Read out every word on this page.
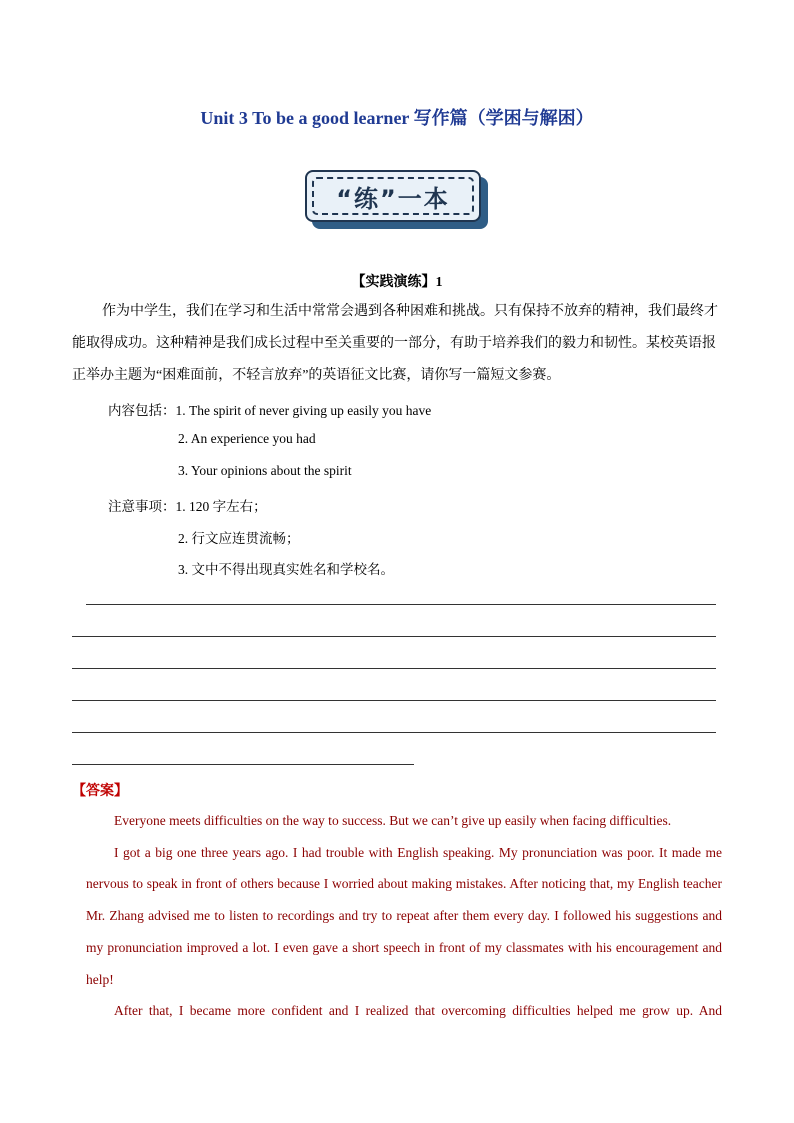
Unit 3 To be a good learner 写作篇（学困与解困）
“练”一本
【实践演练】1
作为中学生，我们在学习和生活中常常会遇到各种困难和挑战。只有保持不放弃的精神，我们最终才能取得成功。这种精神是我们成长过程中至关重要的一部分，有助于培养我们的毅力和韧性。某校英语报正举办主题为“困难面前，不轻言放弃”的英语征文比赛，请你写一篇短文参赛。
内容包括：1. The spirit of never giving up easily you have
2. An experience you had
3. Your opinions about the spirit
注意事项：1. 120 字左右；
2. 行文应连贯流畅；
3. 文中不得出现真实姓名和学校名。
【答案】

Everyone meets difficulties on the way to success. But we can’t give up easily when facing difficulties.

I got a big one three years ago. I had trouble with English speaking. My pronunciation was poor. It made me nervous to speak in front of others because I worried about making mistakes. After noticing that, my English teacher Mr. Zhang advised me to listen to recordings and try to repeat after them every day. I followed his suggestions and my pronunciation improved a lot. I even gave a short speech in front of my classmates with his encouragement and help!

After that, I became more confident and I realized that overcoming difficulties helped me grow up. And
